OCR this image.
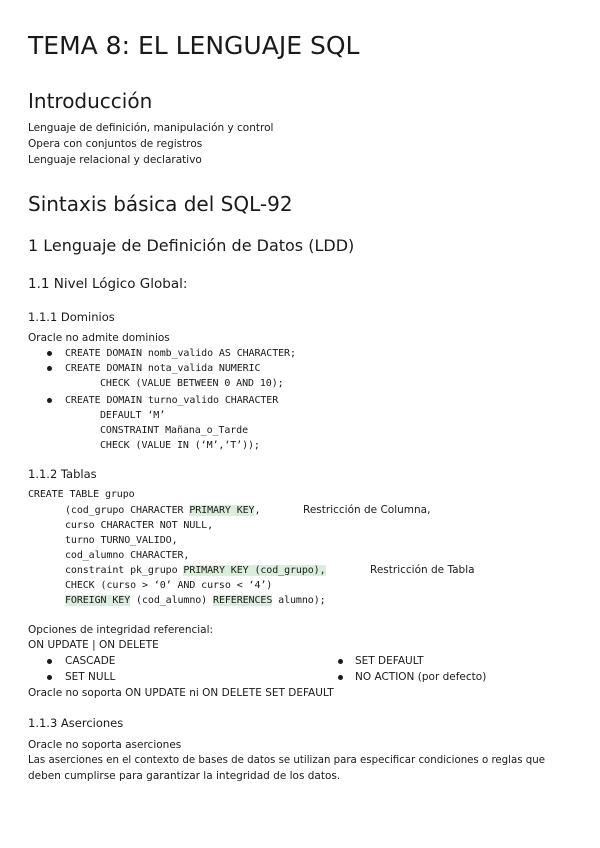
TEMA 8: EL LENGUAJE SQL
Introducción
Lenguaje de definición, manipulación y control
Opera con conjuntos de registros
Lenguaje relacional y declarativo
Sintaxis básica del SQL-92
1 Lenguaje de Definición de Datos (LDD)
1.1 Nivel Lógico Global:
1.1.1 Dominios
Oracle no admite dominios
CREATE DOMAIN nomb_valido AS CHARACTER;
CREATE DOMAIN nota_valida NUMERIC
CHECK (VALUE BETWEEN 0 AND 10);
CREATE DOMAIN turno_valido CHARACTER
DEFAULT ‘M’
CONSTRAINT Mañana_o_Tarde
CHECK (VALUE IN (‘M’,‘T’));
1.1.2 Tablas
CREATE TABLE grupo
(cod_grupo CHARACTER PRIMARY KEY,	Restricción de Columna,
curso CHARACTER NOT NULL,
turno TURNO_VALIDO,
cod_alumno CHARACTER,
constraint pk_grupo PRIMARY KEY (cod_grupo),	Restricción de Tabla
CHECK (curso > ‘0’ AND curso < ‘4’)
FOREIGN KEY (cod_alumno) REFERENCES alumno);
Opciones de integridad referencial:
ON UPDATE | ON DELETE
CASCADE	SET DEFAULT
SET NULL	NO ACTION (por defecto)
Oracle no soporta ON UPDATE ni ON DELETE SET DEFAULT
1.1.3 Aserciones
Oracle no soporta aserciones
Las aserciones en el contexto de bases de datos se utilizan para especificar condiciones o reglas que
deben cumplirse para garantizar la integridad de los datos.
